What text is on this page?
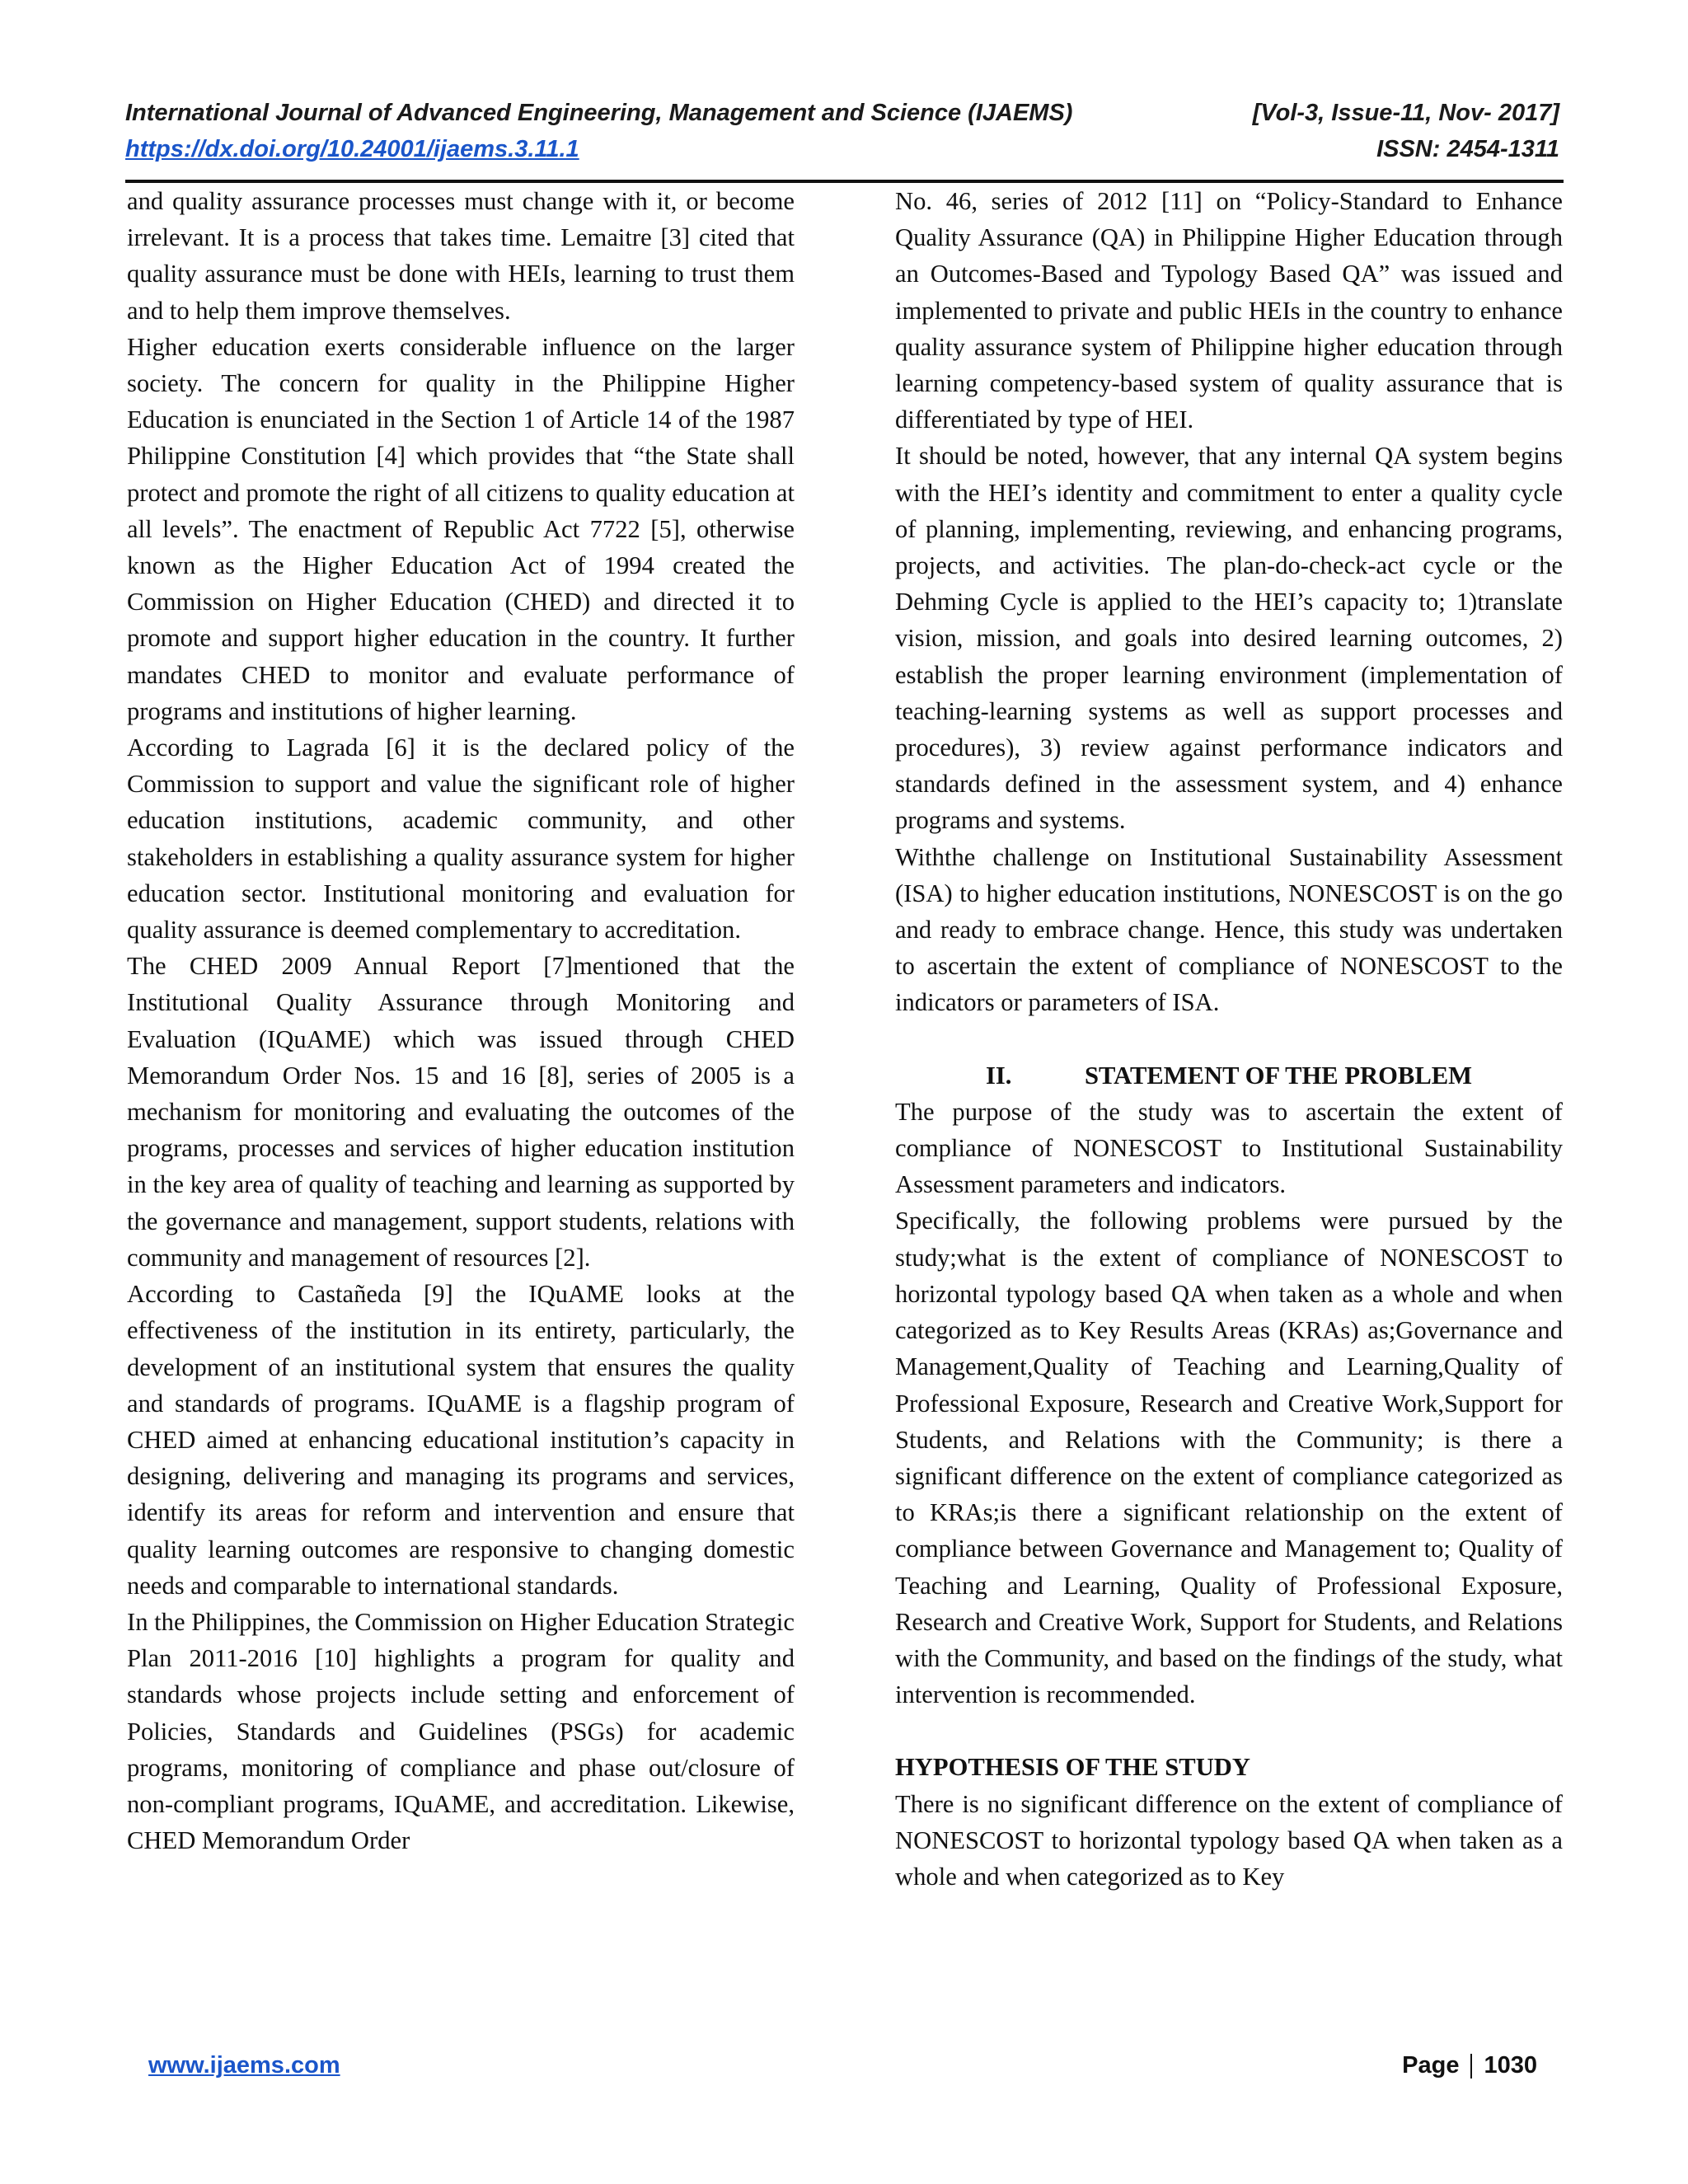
International Journal of Advanced Engineering, Management and Science (IJAEMS)	[Vol-3, Issue-11, Nov- 2017]
https://dx.doi.org/10.24001/ijaems.3.11.1	ISSN: 2454-1311

and quality assurance processes must change with it, or become irrelevant. It is a process that takes time. Lemaitre [3] cited that quality assurance must be done with HEIs, learning to trust them and to help them improve themselves.

Higher education exerts considerable influence on the larger society. The concern for quality in the Philippine Higher Education is enunciated in the Section 1 of Article 14 of the 1987 Philippine Constitution [4] which provides that “the State shall protect and promote the right of all citizens to quality education at all levels”. The enactment of Republic Act 7722 [5], otherwise known as the Higher Education Act of 1994 created the Commission on Higher Education (CHED) and directed it to promote and support higher education in the country. It further mandates CHED to monitor and evaluate performance of programs and institutions of higher learning.

According to Lagrada [6] it is the declared policy of the Commission to support and value the significant role of higher education institutions, academic community, and other stakeholders in establishing a quality assurance system for higher education sector. Institutional monitoring and evaluation for quality assurance is deemed complementary to accreditation.

The CHED 2009 Annual Report [7]mentioned that the Institutional Quality Assurance through Monitoring and Evaluation (IQuAME) which was issued through CHED Memorandum Order Nos. 15 and 16 [8], series of 2005 is a mechanism for monitoring and evaluating the outcomes of the programs, processes and services of higher education institution in the key area of quality of teaching and learning as supported by the governance and management, support students, relations with community and management of resources [2].

According to Castañeda [9] the IQuAME looks at the effectiveness of the institution in its entirety, particularly, the development of an institutional system that ensures the quality and standards of programs. IQuAME is a flagship program of CHED aimed at enhancing educational institution’s capacity in designing, delivering and managing its programs and services, identify its areas for reform and intervention and ensure that quality learning outcomes are responsive to changing domestic needs and comparable to international standards.

In the Philippines, the Commission on Higher Education Strategic Plan 2011-2016 [10] highlights a program for quality and standards whose projects include setting and enforcement of Policies, Standards and Guidelines (PSGs) for academic programs, monitoring of compliance and phase out/closure of non-compliant programs, IQuAME, and accreditation. Likewise, CHED Memorandum Order

No. 46, series of 2012 [11] on “Policy-Standard to Enhance Quality Assurance (QA) in Philippine Higher Education through an Outcomes-Based and Typology Based QA” was issued and implemented to private and public HEIs in the country to enhance quality assurance system of Philippine higher education through learning competency-based system of quality assurance that is differentiated by type of HEI.

It should be noted, however, that any internal QA system begins with the HEI’s identity and commitment to enter a quality cycle of planning, implementing, reviewing, and enhancing programs, projects, and activities. The plan-do-check-act cycle or the Dehming Cycle is applied to the HEI’s capacity to; 1)translate vision, mission, and goals into desired learning outcomes, 2) establish the proper learning environment (implementation of teaching-learning systems as well as support processes and procedures), 3) review against performance indicators and standards defined in the assessment system, and 4) enhance programs and systems.

Withthe challenge on Institutional Sustainability Assessment (ISA) to higher education institutions, NONESCOST is on the go and ready to embrace change. Hence, this study was undertaken to ascertain the extent of compliance of NONESCOST to the indicators or parameters of ISA.

II.	STATEMENT OF THE PROBLEM

The purpose of the study was to ascertain the extent of compliance of NONESCOST to Institutional Sustainability Assessment parameters and indicators.

Specifically, the following problems were pursued by the study;what is the extent of compliance of NONESCOST to horizontal typology based QA when taken as a whole and when categorized as to Key Results Areas (KRAs) as;Governance and Management,Quality of Teaching and Learning,Quality of Professional Exposure, Research and Creative Work,Support for Students, and Relations with the Community; is there a significant difference on the extent of compliance categorized as to KRAs;is there a significant relationship on the extent of compliance between Governance and Management to; Quality of Teaching and Learning, Quality of Professional Exposure, Research and Creative Work, Support for Students, and Relations with the Community, and based on the findings of the study, what intervention is recommended.

HYPOTHESIS OF THE STUDY

There is no significant difference on the extent of compliance of NONESCOST to horizontal typology based QA when taken as a whole and when categorized as to Key

www.ijaems.com	Page 1030
